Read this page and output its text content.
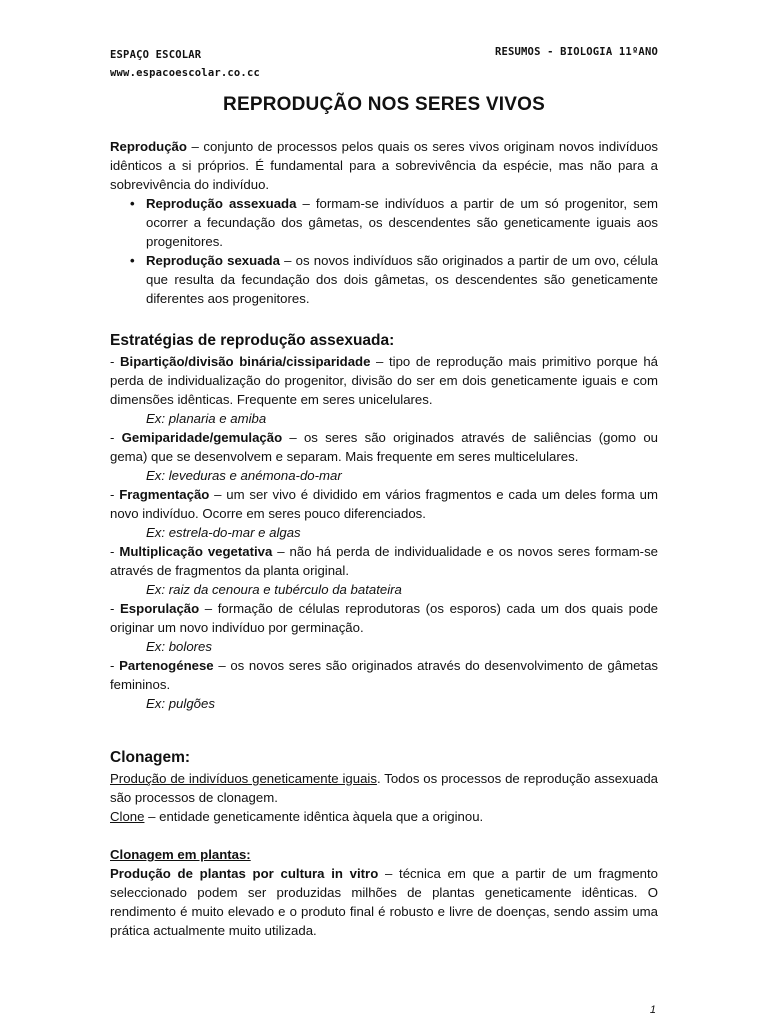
ESPAÇO ESCOLAR
www.espacoescolar.co.cc
RESUMOS - BIOLOGIA 11ºANO
REPRODUÇÃO NOS SERES VIVOS

Reprodução – conjunto de processos pelos quais os seres vivos originam novos indivíduos idênticos a si próprios. É fundamental para a sobrevivência da espécie, mas não para a sobrevivência do indivíduo.

• Reprodução assexuada – formam-se indivíduos a partir de um só progenitor, sem ocorrer a fecundação dos gâmetas, os descendentes são geneticamente iguais aos progenitores.
• Reprodução sexuada – os novos indivíduos são originados a partir de um ovo, célula que resulta da fecundação dos dois gâmetas, os descendentes são geneticamente diferentes aos progenitores.
Estratégias de reprodução assexuada:

- Bipartição/divisão binária/cissiparidade – tipo de reprodução mais primitivo porque há perda de individualização do progenitor, divisão do ser em dois geneticamente iguais e com dimensões idênticas. Frequente em seres unicelulares.

Ex: planaria e amiba

- Gemiparidade/gemulação – os seres são originados através de saliências (gomo ou gema) que se desenvolvem e separam. Mais frequente em seres multicelulares.

Ex: leveduras e anémona-do-mar

- Fragmentação – um ser vivo é dividido em vários fragmentos e cada um deles forma um novo indivíduo. Ocorre em seres pouco diferenciados.

Ex: estrela-do-mar e algas

- Multiplicação vegetativa – não há perda de individualidade e os novos seres formam-se através de fragmentos da planta original.

Ex: raiz da cenoura e tubérculo da batateira

- Esporulação – formação de células reprodutoras (os esporos) cada um dos quais pode originar um novo indivíduo por germinação.

Ex: bolores

- Partenogénese – os novos seres são originados através do desenvolvimento de gâmetas femininos.

Ex: pulgões

Clonagem:

Produção de indivíduos geneticamente iguais. Todos os processos de reprodução assexuada são processos de clonagem.

Clone – entidade geneticamente idêntica àquela que a originou.

Clonagem em plantas:

Produção de plantas por cultura in vitro – técnica em que a partir de um fragmento seleccionado podem ser produzidas milhões de plantas geneticamente idênticas. O rendimento é muito elevado e o produto final é robusto e livre de doenças, sendo assim uma prática actualmente muito utilizada.

1
